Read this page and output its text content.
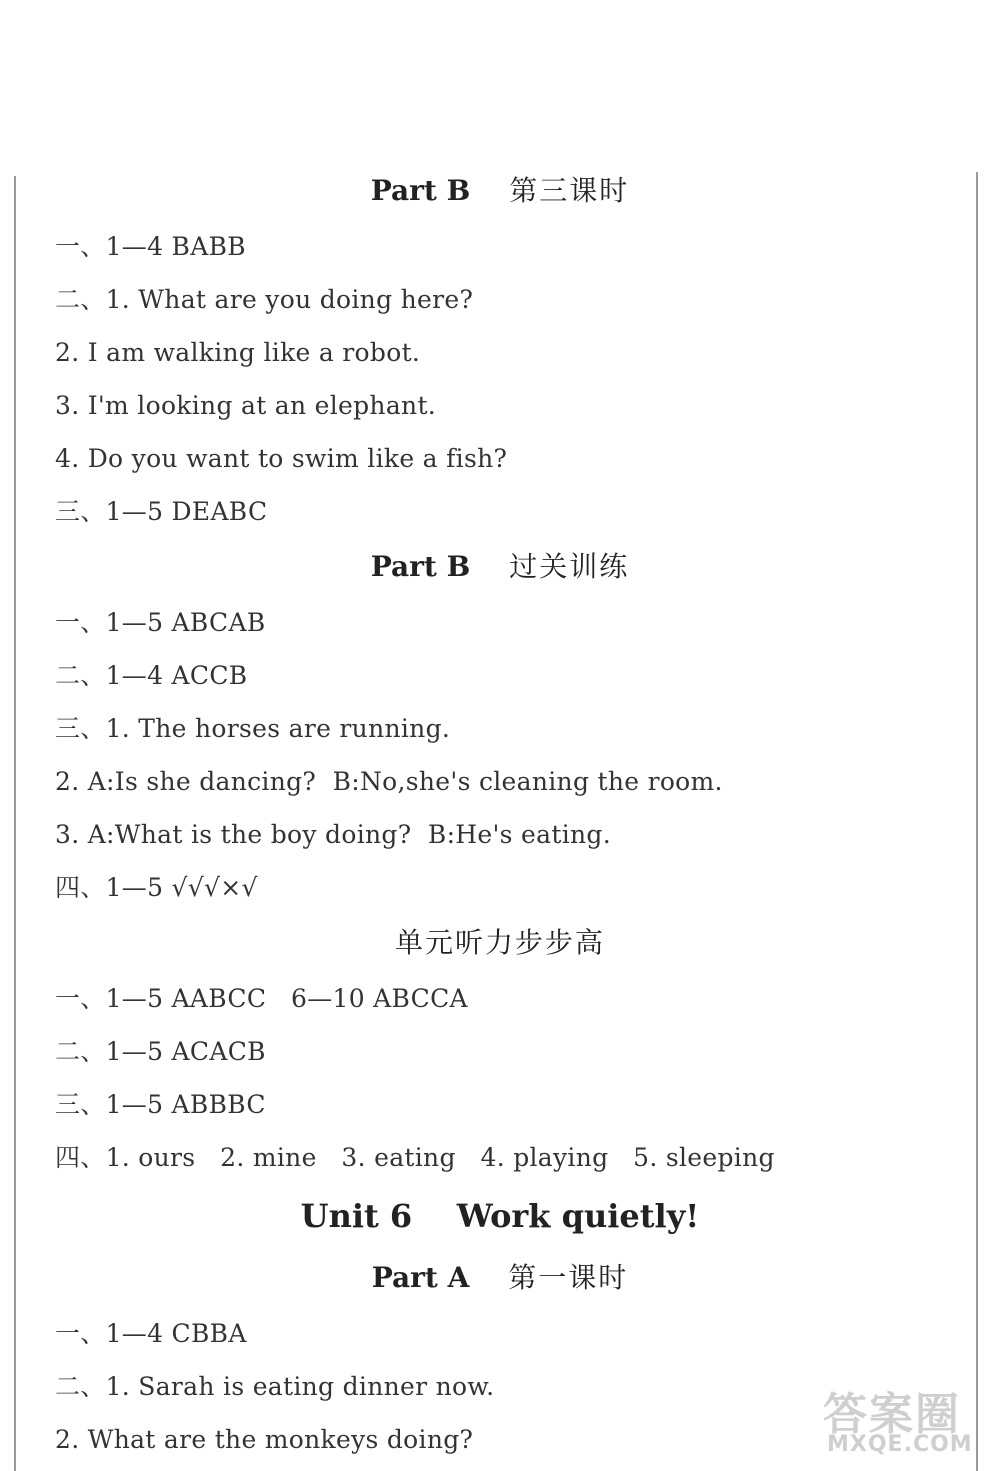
Part B 第三课时
一、1—4 BABB
二、1. What are you doing here?
2. I am walking like a robot.
3. I'm looking at an elephant.
4. Do you want to swim like a fish?
三、1—5 DEABC
Part B 过关训练
一、1—5 ABCAB
二、1—4 ACCB
三、1. The horses are running.
2. A:Is she dancing?  B:No,she's cleaning the room.
3. A:What is the boy doing?  B:He's eating.
四、1—5 √√√×√
单元听力步步高
一、1—5 AABCC   6—10 ABCCA
二、1—5 ACACB
三、1—5 ABBBC
四、1. ours   2. mine   3. eating   4. playing   5. sleeping
Unit 6    Work quietly!
Part A 第一课时
一、1—4 CBBA
二、1. Sarah is eating dinner now.
2. What are the monkeys doing?	答案圈
MXQE.COM
